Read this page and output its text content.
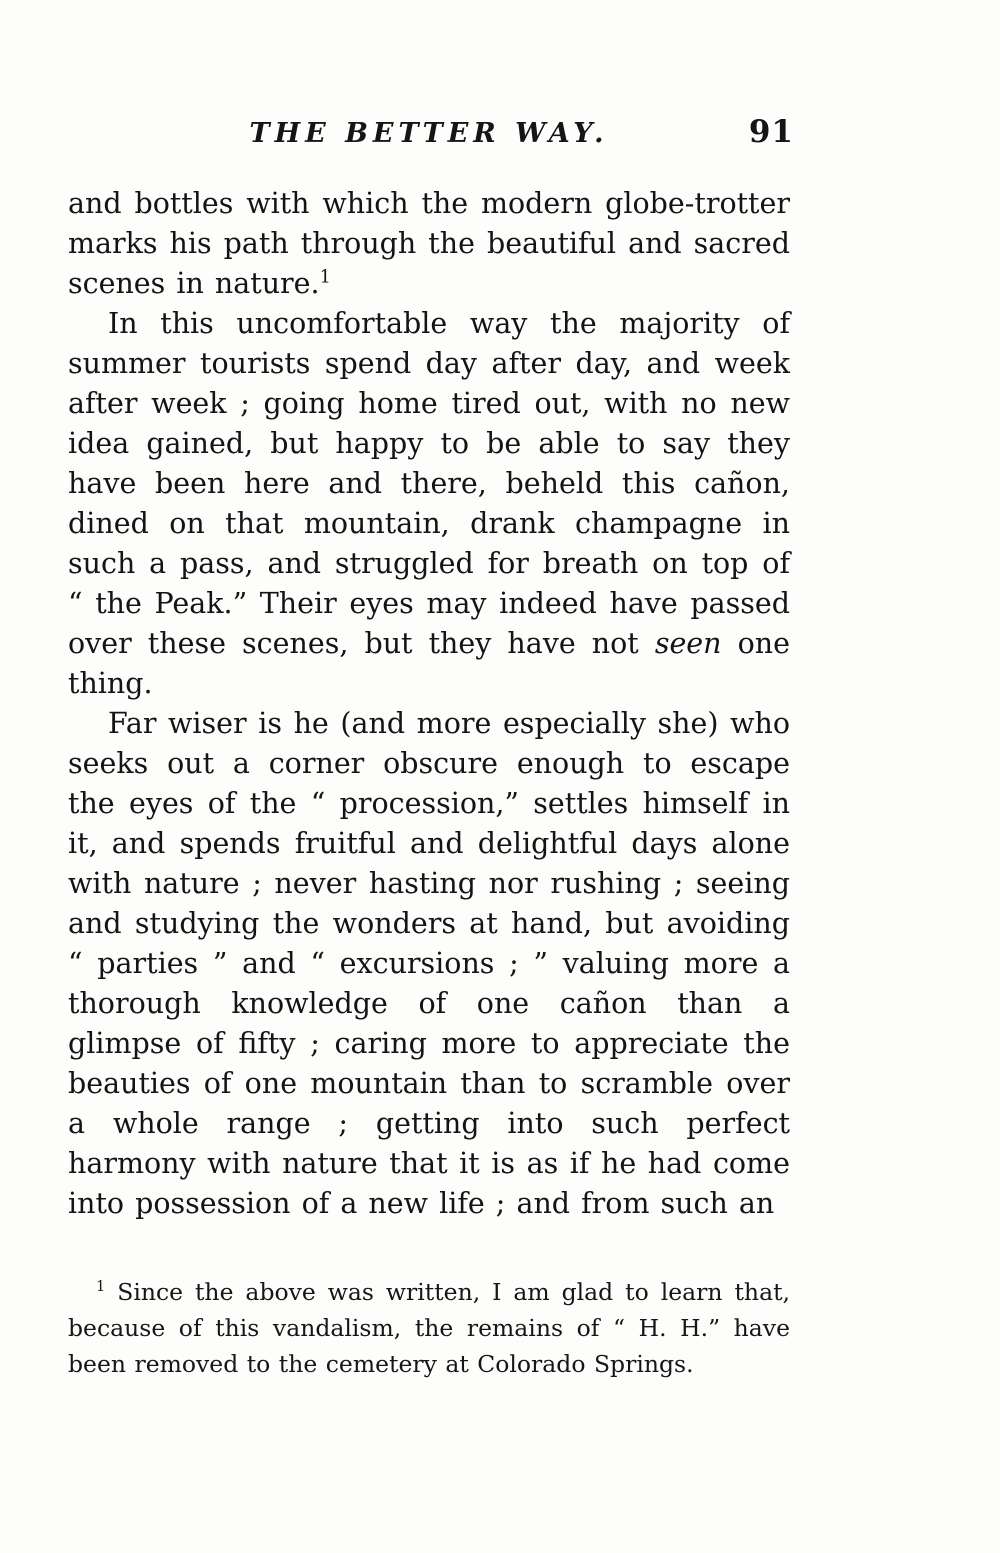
THE BETTER WAY.	91

and bottles with which the modern globe-trotter marks his path through the beautiful and sacred scenes in nature.$^1$

In this uncomfortable way the majority of summer tourists spend day after day, and week after week ; going home tired out, with no new idea gained, but happy to be able to say they have been here and there, beheld this cañon, dined on that mountain, drank champagne in such a pass, and struggled for breath on top of “ the Peak.” Their eyes may indeed have passed over these scenes, but they have not seen one thing.

Far wiser is he (and more especially she) who seeks out a corner obscure enough to escape the eyes of the “ procession,” settles himself in it, and spends fruitful and delightful days alone with nature ; never hasting nor rushing ; seeing and studying the wonders at hand, but avoiding “ parties ” and “ excursions ; ” valuing more a thorough knowledge of one cañon than a glimpse of fifty ; caring more to appreciate the beauties of one mountain than to scramble over a whole range ; getting into such perfect harmony with nature that it is as if he had come into possession of a new life ; and from such an

$^1$ Since the above was written, I am glad to learn that, because of this vandalism, the remains of “ H. H.” have been removed to the cemetery at Colorado Springs.
